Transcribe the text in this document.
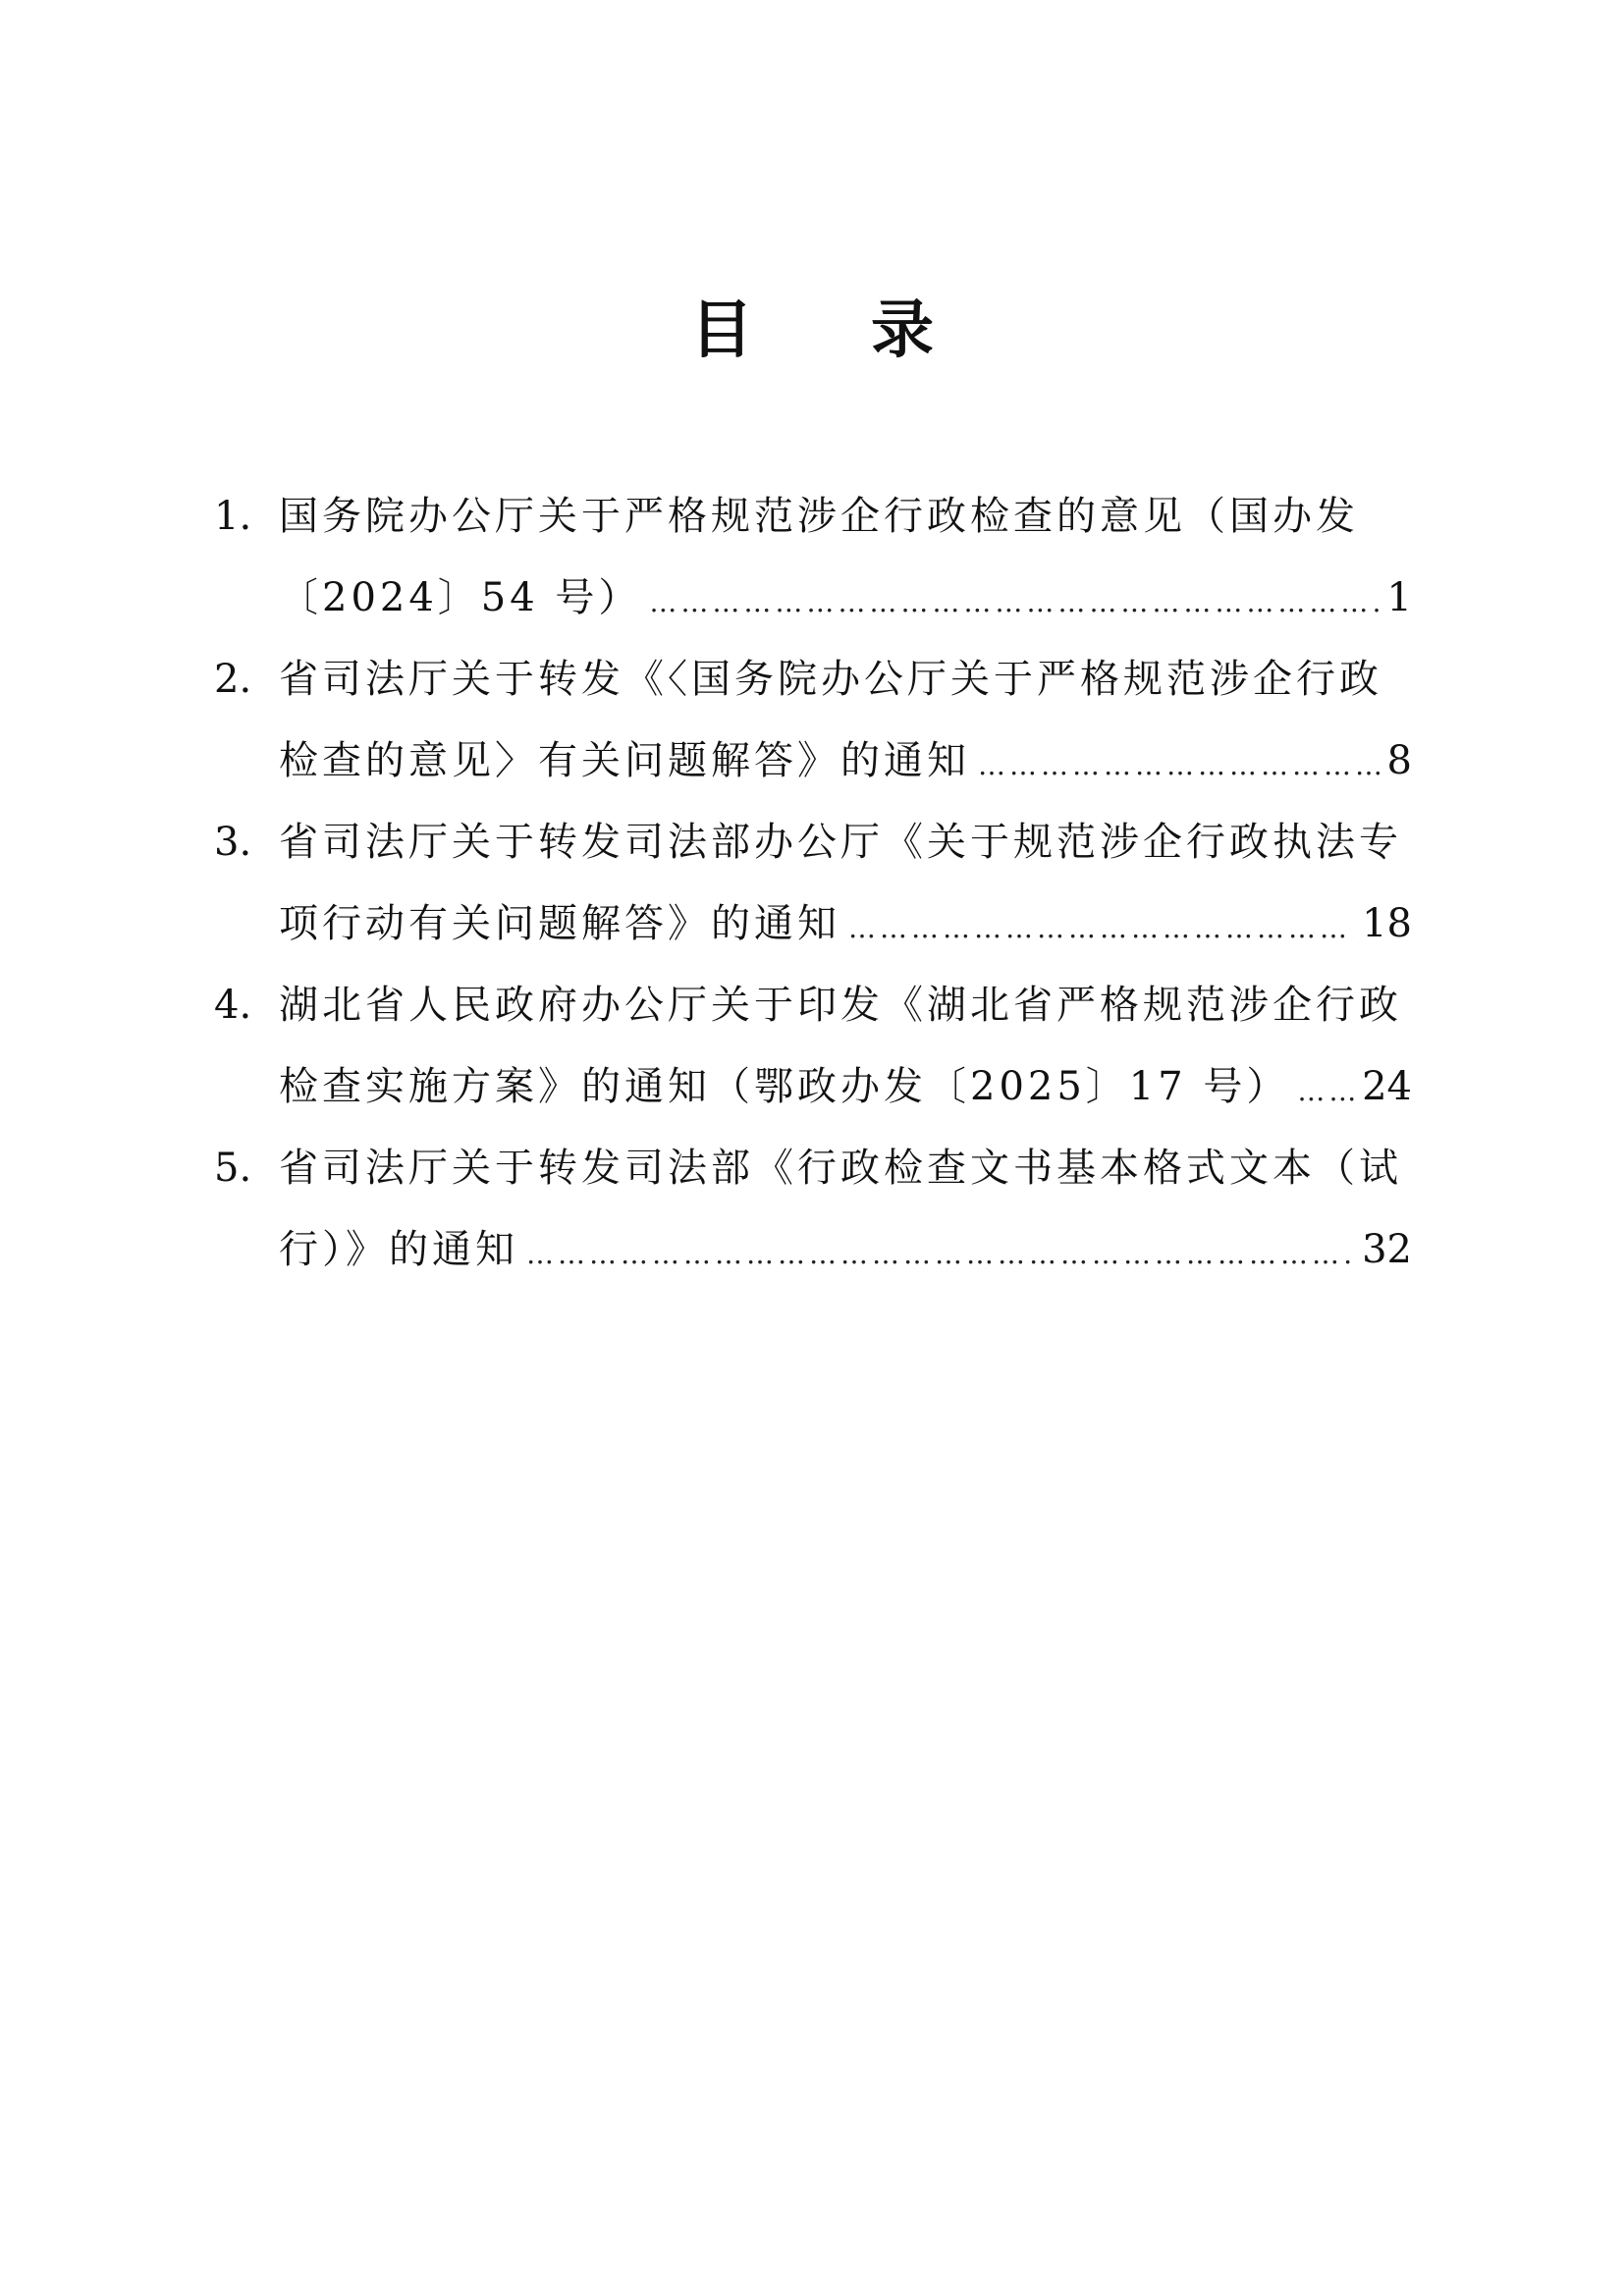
目 录
1. 国务院办公厅关于严格规范涉企行政检查的意见（国办发
〔2024〕54 号） ……………………………………………………………………………………………………………………………………………	1
2. 省司法厅关于转发《〈国务院办公厅关于严格规范涉企行政
检查的意见〉有关问题解答》的通知 ……………………………………………………………………………………………………………………………………………	8
3. 省司法厅关于转发司法部办公厅《关于规范涉企行政执法专
项行动有关问题解答》的通知 ……………………………………………………………………………………………………………………………………………	18
4. 湖北省人民政府办公厅关于印发《湖北省严格规范涉企行政
检查实施方案》的通知（鄂政办发〔2025〕17 号） …………………………………………………………………………………………………………………………………………… 24
5. 省司法厅关于转发司法部《行政检查文书基本格式文本（试
行）》的通知 ……………………………………………………………………………………………………………………………………………	32
